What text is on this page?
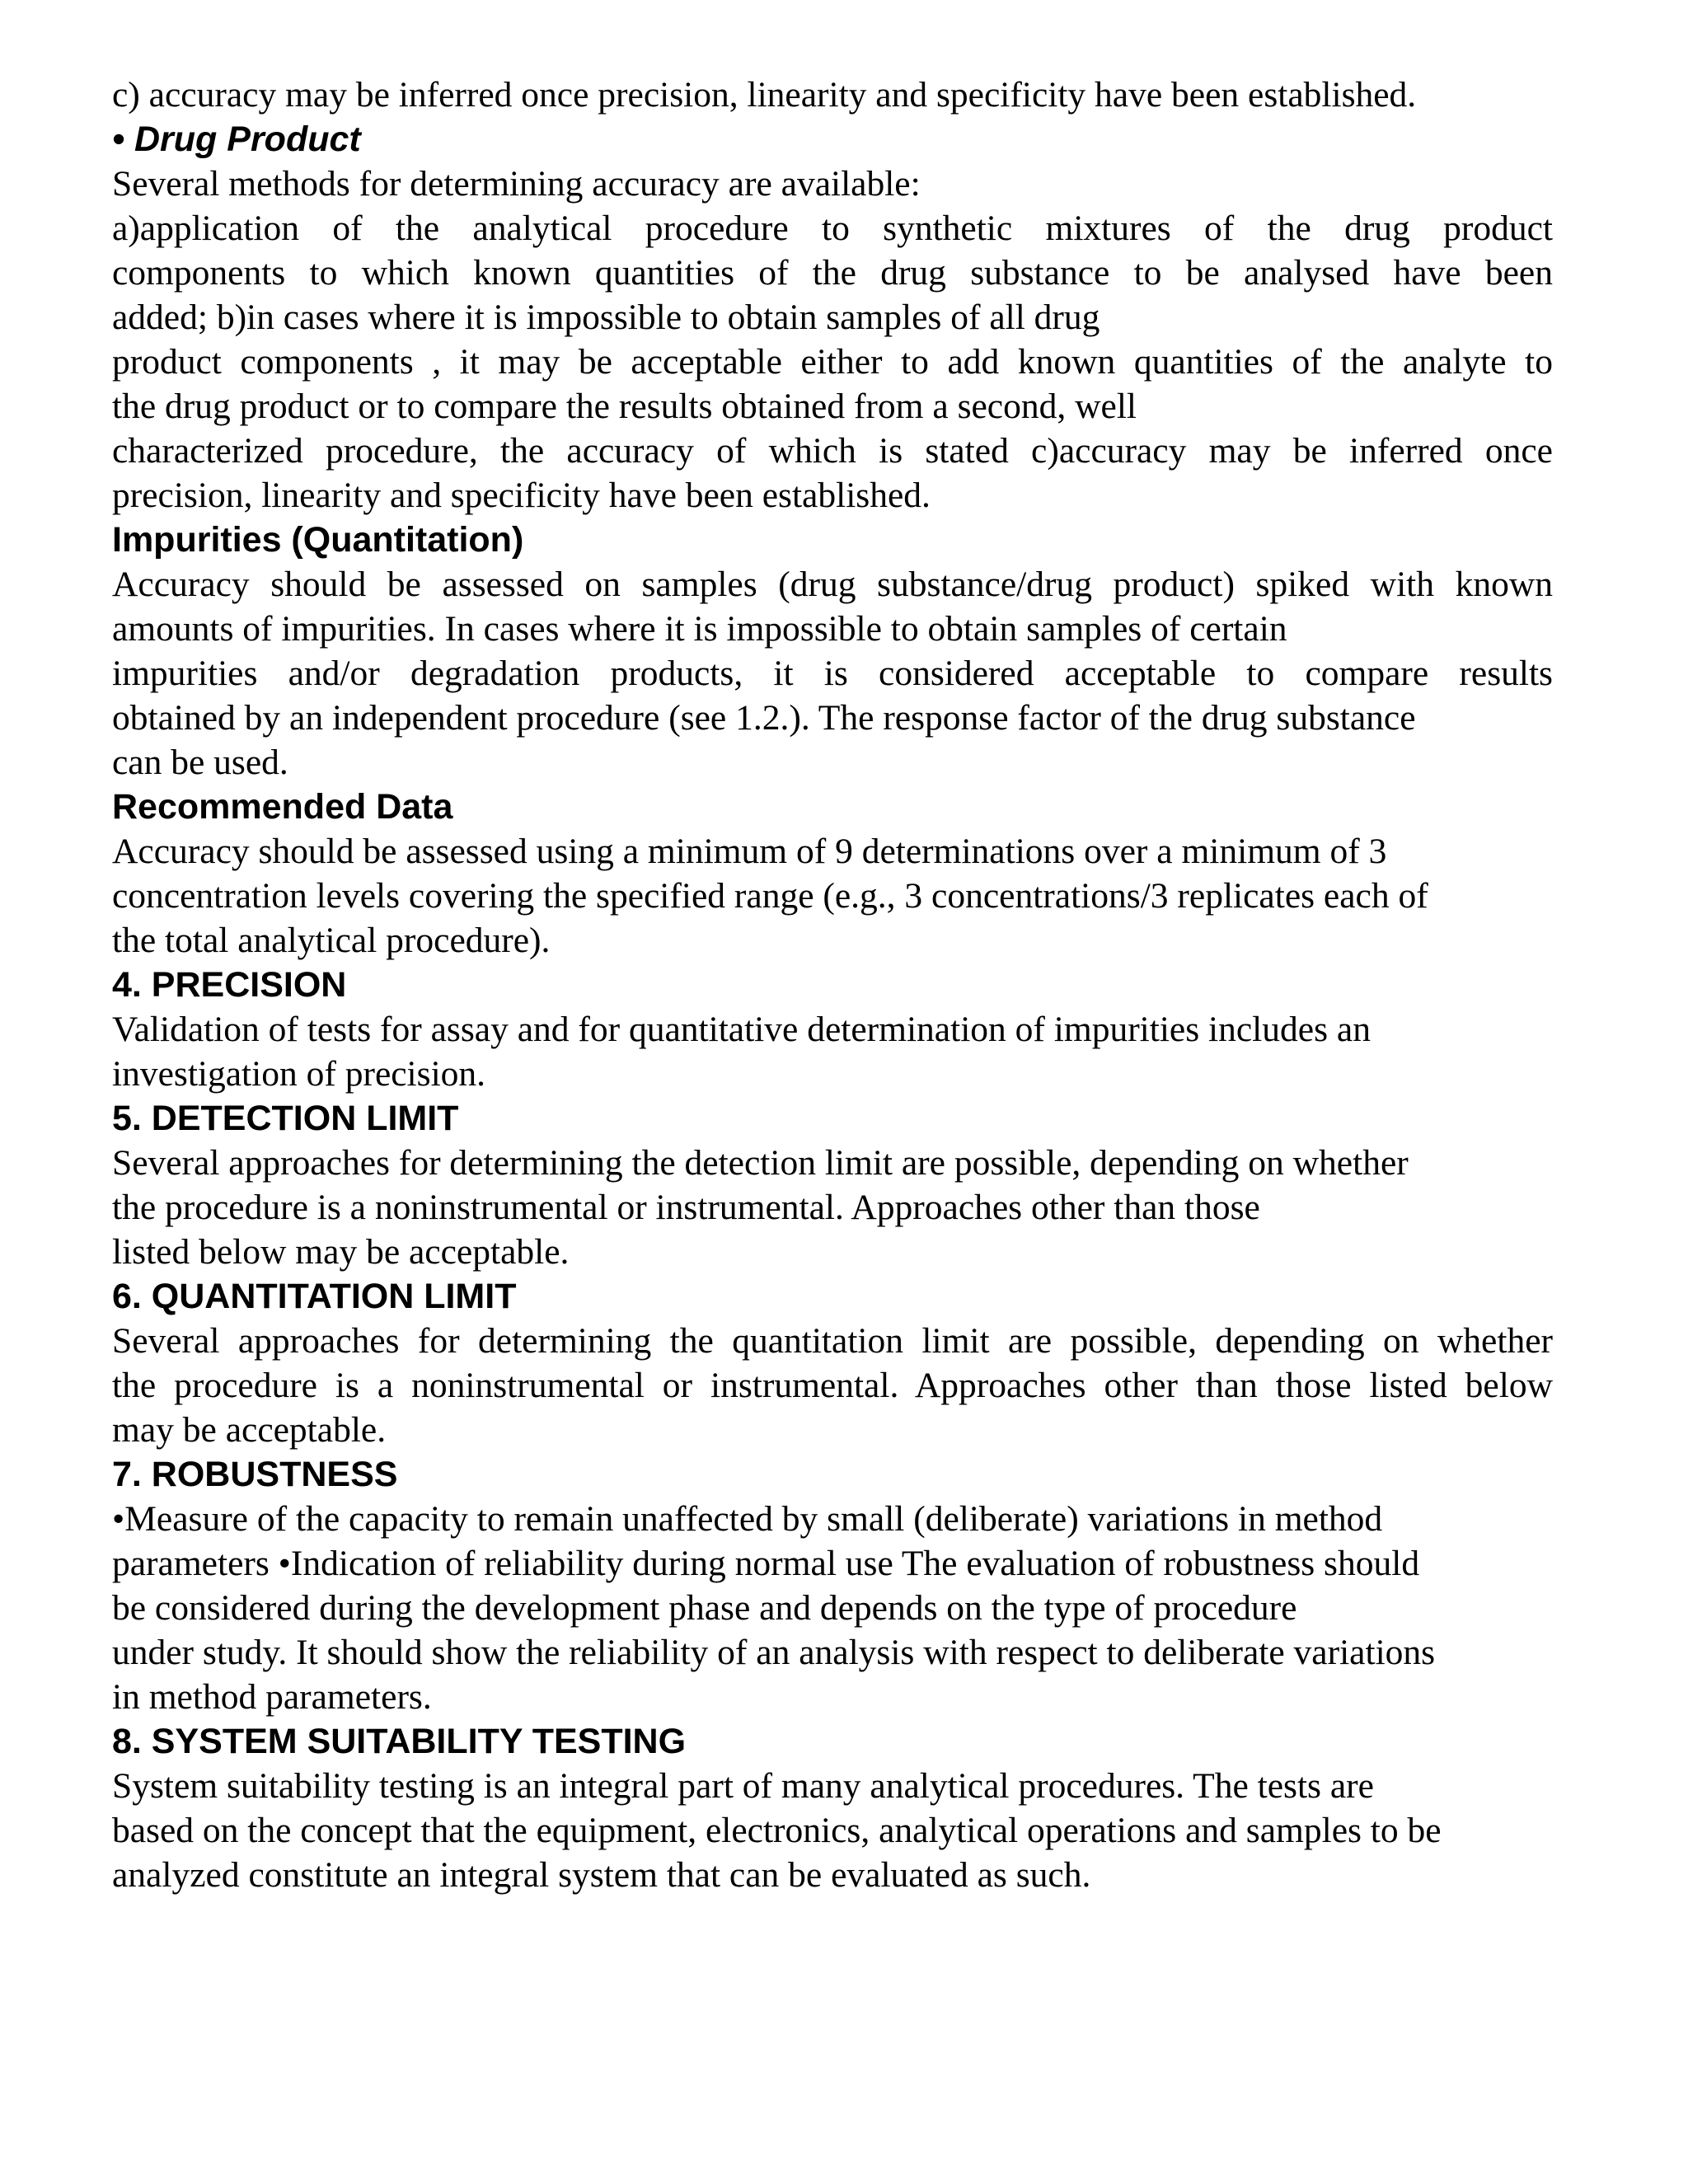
c) accuracy may be inferred once precision, linearity and specificity have been established.
• Drug Product
Several methods for determining accuracy are available:
a)application of the analytical procedure to synthetic mixtures of the drug product
components to which known quantities of the drug substance to be analysed have been
added; b)in cases where it is impossible to obtain samples of all drug
product components , it may be acceptable either to add known quantities of the analyte to
the drug product or to compare the results obtained from a second, well
characterized procedure, the accuracy of which is stated c)accuracy may be inferred once
precision, linearity and specificity have been established.
Impurities (Quantitation)
Accuracy should be assessed on samples (drug substance/drug product) spiked with known
amounts of impurities. In cases where it is impossible to obtain samples of certain
impurities and/or degradation products, it is considered acceptable to compare results
obtained by an independent procedure (see 1.2.). The response factor of the drug substance
can be used.
Recommended Data
Accuracy should be assessed using a minimum of 9 determinations over a minimum of 3
concentration levels covering the specified range (e.g., 3 concentrations/3 replicates each of
the total analytical procedure).
4. PRECISION
Validation of tests for assay and for quantitative determination of impurities includes an
investigation of precision.
5. DETECTION LIMIT
Several approaches for determining the detection limit are possible, depending on whether
the procedure is a noninstrumental or instrumental. Approaches other than those
listed below may be acceptable.
6. QUANTITATION LIMIT
Several approaches for determining the quantitation limit are possible, depending on whether
the procedure is a noninstrumental or instrumental. Approaches other than those listed below
may be acceptable.
7. ROBUSTNESS
•Measure of the capacity to remain unaffected by small (deliberate) variations in method
parameters •Indication of reliability during normal use The evaluation of robustness should
be considered during the development phase and depends on the type of procedure
under study. It should show the reliability of an analysis with respect to deliberate variations
in method parameters.
8. SYSTEM SUITABILITY TESTING
System suitability testing is an integral part of many analytical procedures. The tests are
based on the concept that the equipment, electronics, analytical operations and samples to be
analyzed constitute an integral system that can be evaluated as such.
